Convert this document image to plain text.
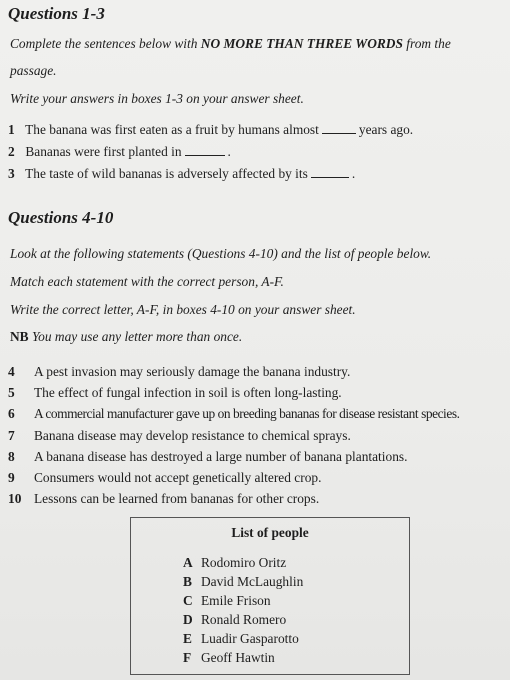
Questions 1-3
Complete the sentences below with NO MORE THAN THREE WORDS from the
passage.
Write your answers in boxes 1-3 on your answer sheet.
1 The banana was first eaten as a fruit by humans almost	years ago.
2 Bananas were first planted in	.
3 The taste of wild bananas is adversely affected by its	.
Questions 4-10
Look at the following statements (Questions 4-10) and the list of people below.
Match each statement with the correct person, A-F.
Write the correct letter, A-F, in boxes 4-10 on your answer sheet.
NB You may use any letter more than once.
4 A pest invasion may seriously damage the banana industry.
5 The effect of fungal infection in soil is often long-lasting.
6 A commercial manufacturer gave up on breeding bananas for disease resistant species.
7 Banana disease may develop resistance to chemical sprays.
8 A banana disease has destroyed a large number of banana plantations.
9 Consumers would not accept genetically altered crop.
10 Lessons can be learned from bananas for other crops.
List of people
A Rodomiro Oritz
B David McLaughlin
C Emile Frison
D Ronald Romero
E Luadir Gasparotto
F Geoff Hawtin
